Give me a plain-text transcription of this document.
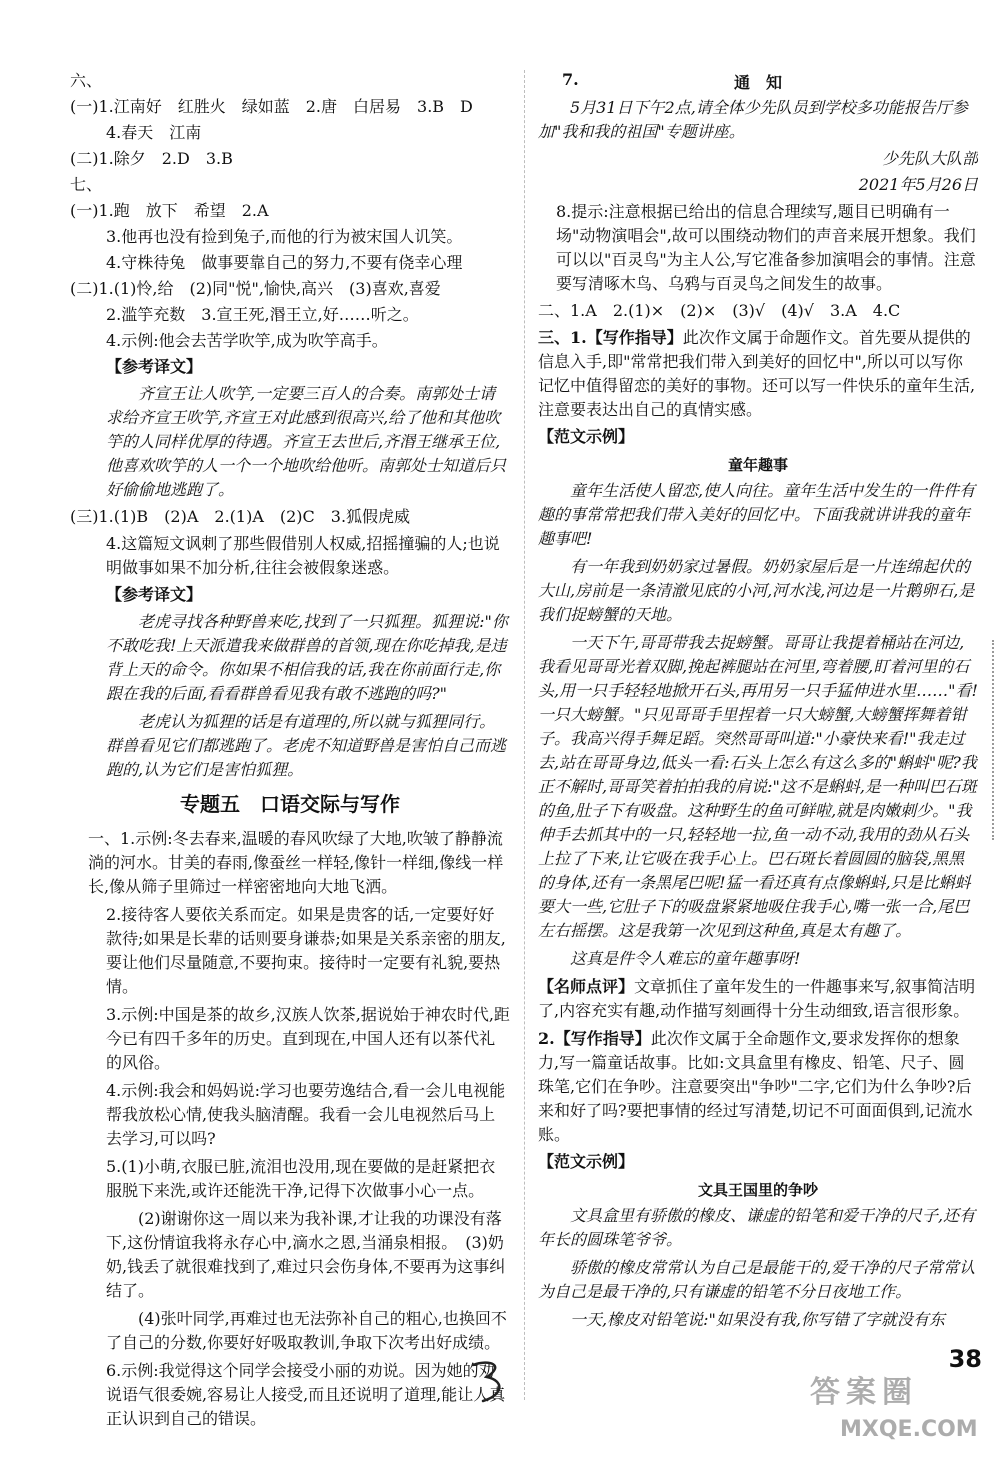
六、
(一)1.江南好　红胜火　绿如蓝　2.唐　白居易　3.B　D
4.春天　江南
(二)1.除夕　2.D　3.B
七、
(一)1.跑　放下　希望　2.A
3.他再也没有捡到兔子,而他的行为被宋国人讥笑。
4.守株待兔　做事要靠自己的努力,不要有侥幸心理
(二)1.(1)怜,给　(2)同"悦",愉快,高兴　(3)喜欢,喜爱
2.滥竽充数　3.宣王死,湣王立,好……听之。
4.示例:他会去苦学吹竽,成为吹竽高手。
【参考译文】
齐宣王让人吹竽,一定要三百人的合奏。南郭处士请求给齐宣王吹竽,齐宣王对此感到很高兴,给了他和其他吹竽的人同样优厚的待遇。齐宣王去世后,齐湣王继承王位,他喜欢吹竽的人一个一个地吹给他听。南郭处士知道后只好偷偷地逃跑了。
(三)1.(1)B　(2)A　2.(1)A　(2)C　3.狐假虎威
4.这篇短文讽刺了那些假借别人权威,招摇撞骗的人;也说明做事如果不加分析,往往会被假象迷惑。
【参考译文】
老虎寻找各种野兽来吃,找到了一只狐狸。狐狸说:"你不敢吃我!上天派遣我来做群兽的首领,现在你吃掉我,是违背上天的命令。你如果不相信我的话,我在你前面行走,你跟在我的后面,看看群兽看见我有敢不逃跑的吗?"
老虎认为狐狸的话是有道理的,所以就与狐狸同行。群兽看见它们都逃跑了。老虎不知道野兽是害怕自己而逃跑的,认为它们是害怕狐狸。
专题五　口语交际与写作
一、1.示例:冬去春来,温暖的春风吹绿了大地,吹皱了静静流淌的河水。甘美的春雨,像蚕丝一样轻,像针一样细,像线一样长,像从筛子里筛过一样密密地向大地飞洒。
2.接待客人要依关系而定。如果是贵客的话,一定要好好款待;如果是长辈的话则要身谦恭;如果是关系亲密的朋友,要让他们尽量随意,不要拘束。接待时一定要有礼貌,要热情。
3.示例:中国是茶的故乡,汉族人饮茶,据说始于神农时代,距今已有四千多年的历史。直到现在,中国人还有以茶代礼的风俗。
4.示例:我会和妈妈说:学习也要劳逸结合,看一会儿电视能帮我放松心情,使我头脑清醒。我看一会儿电视然后马上去学习,可以吗?
5.(1)小萌,衣服已脏,流泪也没用,现在要做的是赶紧把衣服脱下来洗,或许还能洗干净,记得下次做事小心一点。
(2)谢谢你这一周以来为我补课,才让我的功课没有落下,这份情谊我将永存心中,滴水之恩,当涌泉相报。　(3)奶奶,钱丢了就很难找到了,难过只会伤身体,不要再为这事纠结了。
(4)张叶同学,再难过也无法弥补自己的粗心,也换回不了自己的分数,你要好好吸取教训,争取下次考出好成绩。
6.示例:我觉得这个同学会接受小丽的劝说。因为她的劝说语气很委婉,容易让人接受,而且还说明了道理,能让人真正认识到自己的错误。
7.	通　知
5月31日下午2点,请全体少先队员到学校多功能报告厅参加"我和我的祖国"专题讲座。
少先队大队部
2021年5月26日
8.提示:注意根据已给出的信息合理续写,题目已明确有一场"动物演唱会",故可以围绕动物们的声音来展开想象。我们可以以"百灵鸟"为主人公,写它准备参加演唱会的事情。注意要写清啄木鸟、乌鸦与百灵鸟之间发生的故事。
二、1.A　2.(1)×　(2)×　(3)√　(4)√　3.A　4.C
三、1.【写作指导】此次作文属于命题作文。首先要从提供的信息入手,即"常常把我们带入到美好的回忆中",所以可以写你记忆中值得留恋的美好的事物。还可以写一件快乐的童年生活,注意要表达出自己的真情实感。
【范文示例】
童年趣事
童年生活使人留恋,使人向往。童年生活中发生的一件件有趣的事常常把我们带入美好的回忆中。下面我就讲讲我的童年趣事吧!
有一年我到奶奶家过暑假。奶奶家屋后是一片连绵起伏的大山,房前是一条清澈见底的小河,河水浅,河边是一片鹅卵石,是我们捉螃蟹的天地。
一天下午,哥哥带我去捉螃蟹。哥哥让我提着桶站在河边,我看见哥哥光着双脚,挽起裤腿站在河里,弯着腰,盯着河里的石头,用一只手轻轻地掀开石头,再用另一只手猛伸进水里……"看!一只大螃蟹。"只见哥哥手里捏着一只大螃蟹,大螃蟹挥舞着钳子。我高兴得手舞足蹈。突然哥哥叫道:"小豪快来看!"我走过去,站在哥哥身边,低头一看:石头上怎么有这么多的"蝌蚪"呢?我正不解时,哥哥笑着拍拍我的肩说:"这不是蝌蚪,是一种叫巴石斑的鱼,肚子下有吸盘。这种野生的鱼可鲜啦,就是肉嫩刺少。"我伸手去抓其中的一只,轻轻地一拉,鱼一动不动,我用的劲从石头上拉了下来,让它吸在我手心上。巴石斑长着圆圆的脑袋,黑黑的身体,还有一条黑尾巴呢!猛一看还真有点像蝌蚪,只是比蝌蚪要大一些,它肚子下的吸盘紧紧地吸住我手心,嘴一张一合,尾巴左右摇摆。这是我第一次见到这种鱼,真是太有趣了。
这真是件令人难忘的童年趣事呀!
【名师点评】文章抓住了童年发生的一件趣事来写,叙事简洁明了,内容充实有趣,动作描写刻画得十分生动细致,语言很形象。
2.【写作指导】此次作文属于全命题作文,要求发挥你的想象力,写一篇童话故事。比如:文具盒里有橡皮、铅笔、尺子、圆珠笔,它们在争吵。注意要突出"争吵"二字,它们为什么争吵?后来和好了吗?要把事情的经过写清楚,切记不可面面俱到,记流水账。
【范文示例】
文具王国里的争吵
文具盒里有骄傲的橡皮、谦虚的铅笔和爱干净的尺子,还有年长的圆珠笔爷爷。
骄傲的橡皮常常认为自己是最能干的,爱干净的尺子常常认为自己是最干净的,只有谦虚的铅笔不分日夜地工作。
一天,橡皮对铅笔说:"如果没有我,你写错了字就没有东
38
答案圈
MXQE.COM
